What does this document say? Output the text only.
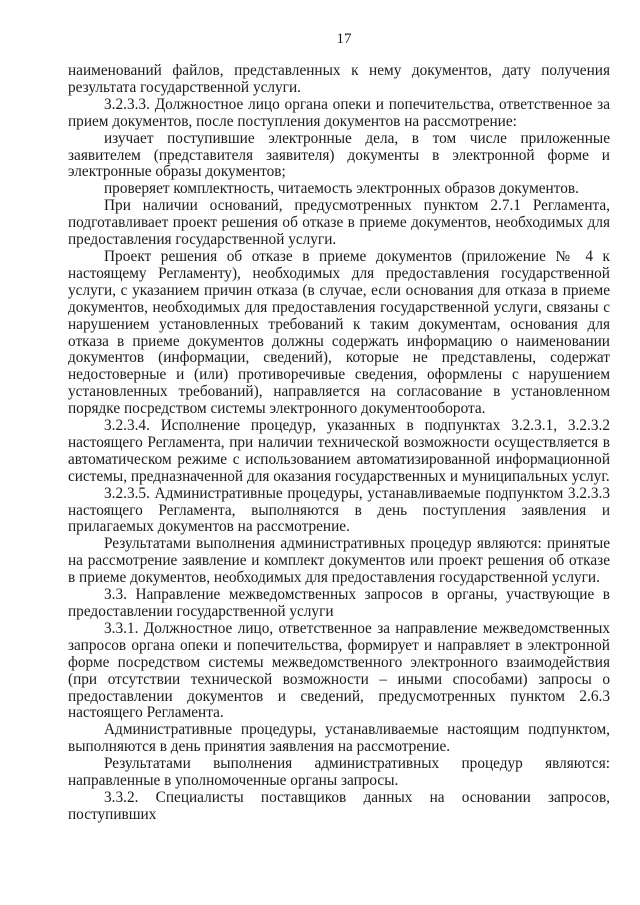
17

наименований файлов, представленных к нему документов, дату получения результата государственной услуги.

3.2.3.3. Должностное лицо органа опеки и попечительства, ответственное за прием документов, после поступления документов на рассмотрение:

изучает поступившие электронные дела, в том числе приложенные заявителем (представителя заявителя) документы в электронной форме и электронные образы документов;

проверяет комплектность, читаемость электронных образов документов.

При наличии оснований, предусмотренных пунктом 2.7.1 Регламента, подготавливает проект решения об отказе в приеме документов, необходимых для предоставления государственной услуги.

Проект решения об отказе в приеме документов (приложение № 4 к настоящему Регламенту), необходимых для предоставления государственной услуги, с указанием причин отказа (в случае, если основания для отказа в приеме документов, необходимых для предоставления государственной услуги, связаны с нарушением установленных требований к таким документам, основания для отказа в приеме документов должны содержать информацию о наименовании документов (информации, сведений), которые не представлены, содержат недостоверные и (или) противоречивые сведения, оформлены с нарушением установленных требований), направляется на согласование в установленном порядке посредством системы электронного документооборота.

3.2.3.4. Исполнение процедур, указанных в подпунктах 3.2.3.1, 3.2.3.2 настоящего Регламента, при наличии технической возможности осуществляется в автоматическом режиме с использованием автоматизированной информационной системы, предназначенной для оказания государственных и муниципальных услуг.

3.2.3.5. Административные процедуры, устанавливаемые подпунктом 3.2.3.3 настоящего Регламента, выполняются в день поступления заявления и прилагаемых документов на рассмотрение.

Результатами выполнения административных процедур являются: принятые на рассмотрение заявление и комплект документов или проект решения об отказе в приеме документов, необходимых для предоставления государственной услуги.

3.3. Направление межведомственных запросов в органы, участвующие в предоставлении государственной услуги

3.3.1. Должностное лицо, ответственное за направление межведомственных запросов органа опеки и попечительства, формирует и направляет в электронной форме посредством системы межведомственного электронного взаимодействия (при отсутствии технической возможности – иными способами) запросы о предоставлении документов и сведений, предусмотренных пунктом 2.6.3 настоящего Регламента.

Административные процедуры, устанавливаемые настоящим подпунктом, выполняются в день принятия заявления на рассмотрение.

Результатами выполнения административных процедур являются: направленные в уполномоченные органы запросы.

3.3.2. Специалисты поставщиков данных на основании запросов, поступивших
